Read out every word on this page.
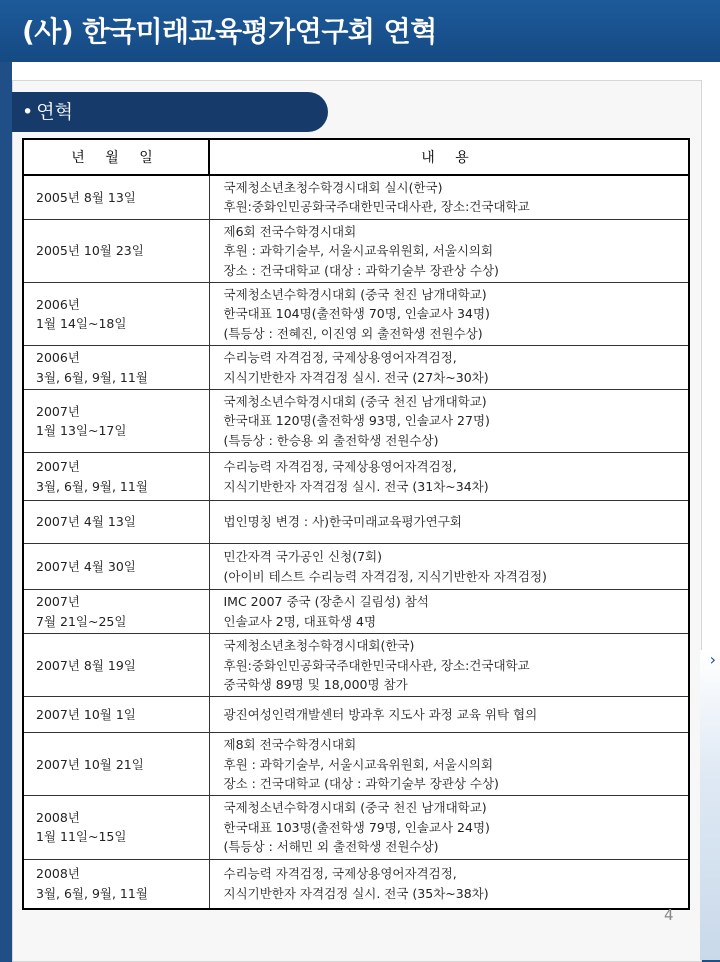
(사) 한국미래교육평가연구회 연혁
›
• 연혁
년 월 일	내 용

2005년 8월 13일	국제청소년초청수학경시대회 실시(한국)
후원:중화인민공화국주대한민국대사관, 장소:건국대학교

2005년 10월 23일	제6회 전국수학경시대회
후원 : 과학기술부, 서울시교육위원회, 서울시의회
장소 : 건국대학교 (대상 : 과학기술부 장관상 수상)

2006년
1월 14일~18일	국제청소년수학경시대회 (중국 천진 남개대학교)
한국대표 104명(출전학생 70명, 인솔교사 34명)
(특등상 : 전혜진, 이진영 외 출전학생 전원수상)

2006년
3월, 6월, 9월, 11월	수리능력 자격검정, 국제상용영어자격검정,
지식기반한자 자격검정 실시. 전국 (27차~30차)

2007년
1월 13일~17일	국제청소년수학경시대회 (중국 천진 남개대학교)
한국대표 120명(출전학생 93명, 인솔교사 27명)
(특등상 : 한승용 외 출전학생 전원수상)

2007년
3월, 6월, 9월, 11월	수리능력 자격검정, 국제상용영어자격검정,
지식기반한자 자격검정 실시. 전국 (31차~34차)

2007년 4월 13일	법인명칭 변경 : 사)한국미래교육평가연구회

2007년 4월 30일	민간자격 국가공인 신청(7회)
(아이비 테스트 수리능력 자격검정, 지식기반한자 자격검정)

2007년
7월 21일~25일	IMC 2007 중국 (장춘시 길림성) 참석
인솔교사 2명, 대표학생 4명

2007년 8월 19일	국제청소년초청수학경시대회(한국)
후원:중화인민공화국주대한민국대사관, 장소:건국대학교
중국학생 89명 및 18,000명 참가

2007년 10월 1일	광진여성인력개발센터 방과후 지도사 과정 교육 위탁 협의

2007년 10월 21일	제8회 전국수학경시대회
후원 : 과학기술부, 서울시교육위원회, 서울시의회
장소 : 건국대학교 (대상 : 과학기술부 장관상 수상)

2008년
1월 11일~15일	국제청소년수학경시대회 (중국 천진 남개대학교)
한국대표 103명(출전학생 79명, 인솔교사 24명)
(특등상 : 서해민 외 출전학생 전원수상)

2008년
3월, 6월, 9월, 11월	수리능력 자격검정, 국제상용영어자격검정,
지식기반한자 자격검정 실시. 전국 (35차~38차)
4
